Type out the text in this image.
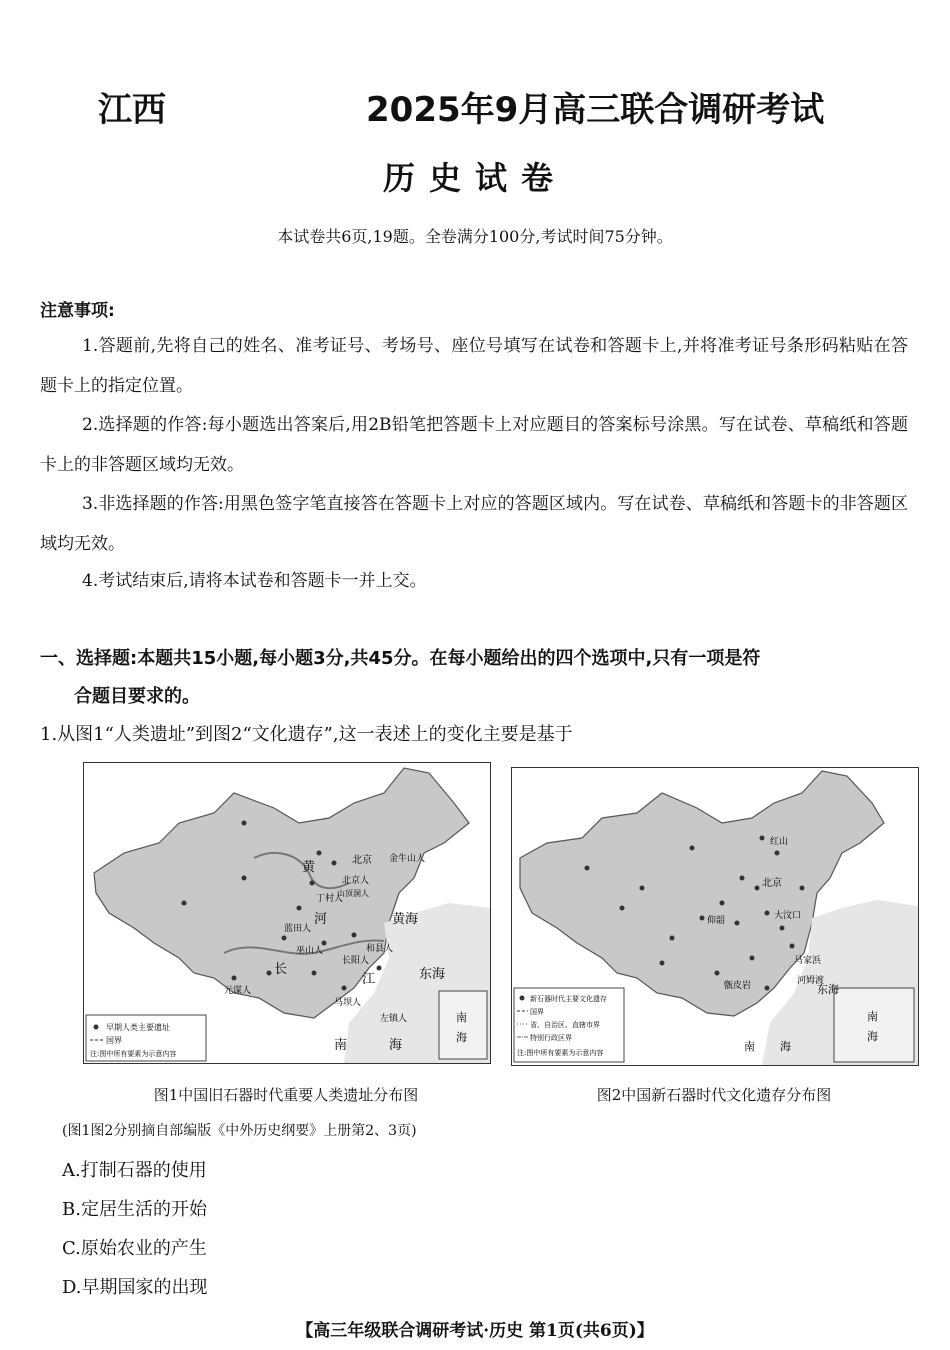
江西	2025年9月高三联合调研考试
历史试卷
本试卷共6页,19题。全卷满分100分,考试时间75分钟。
注意事项:
1.答题前,先将自己的姓名、准考证号、考场号、座位号填写在试卷和答题卡上,并将准考证号条形码粘贴在答题卡上的指定位置。
2.选择题的作答:每小题选出答案后,用2B铅笔把答题卡上对应题目的答案标号涂黑。写在试卷、草稿纸和答题卡上的非答题区域均无效。
3.非选择题的作答:用黑色签字笔直接答在答题卡上对应的答题区域内。写在试卷、草稿纸和答题卡的非答题区域均无效。
4.考试结束后,请将本试卷和答题卡一并上交。
一、选择题:本题共15小题,每小题3分,共45分。在每小题给出的四个选项中,只有一项是符
合题目要求的。
1.从图1“人类遗址”到图2“文化遗存”,这一表述上的变化主要是基于
北京 金牛山人
北京人
丁村人
山顶洞人
蓝田人
巫山人
长阳人
和县人
元谋人
马坝人
左镇人
黄
河
长
江
黄海
东海
南	海
南
海
早期人类主要遗址
国界
注:图中所有要素为示意内容
图1中国旧石器时代重要人类遗址分布图
北京
红山
大汶口
马家浜
河姆渡
仰韶
甑皮岩	东海
南 海
南
海
新石器时代主要文化遗存
国界
省、自治区、直辖市界
特别行政区界
注:图中所有要素为示意内容
图2中国新石器时代文化遗存分布图
(图1图2分别摘自部编版《中外历史纲要》上册第2、3页)
A.打制石器的使用
B.定居生活的开始
C.原始农业的产生
D.早期国家的出现
【高三年级联合调研考试·历史 第1页(共6页)】
